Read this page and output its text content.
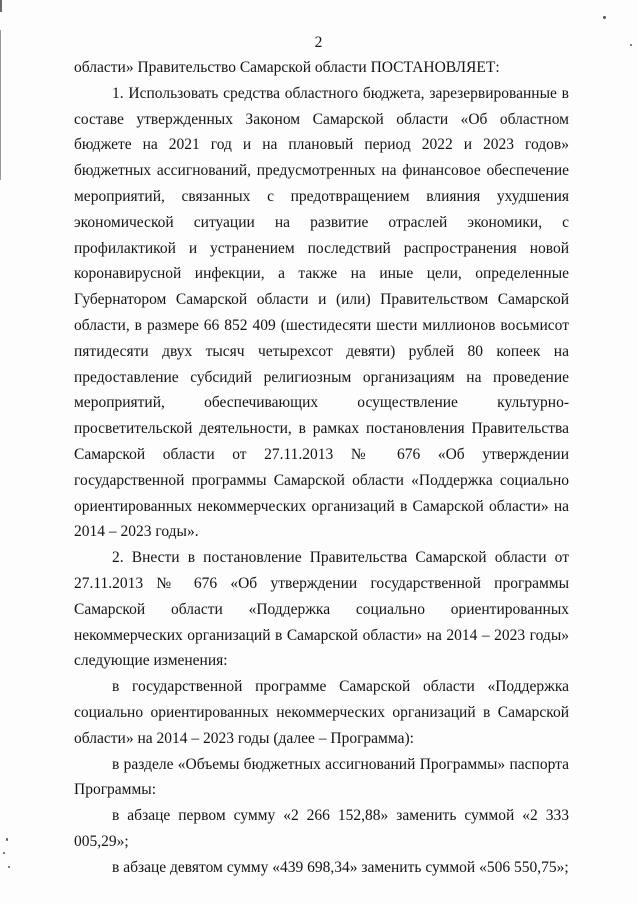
2

области» Правительство Самарской области ПОСТАНОВЛЯЕТ:

1. Использовать средства областного бюджета, зарезервированные в составе утвержденных Законом Самарской области «Об областном бюджете на 2021 год и на плановый период 2022 и 2023 годов» бюджетных ассигнований, предусмотренных на финансовое обеспечение мероприятий, связанных с предотвращением влияния ухудшения экономической ситуации на развитие отраслей экономики, с профилактикой и устранением последствий распространения новой коронавирусной инфекции, а также на иные цели, определенные Губернатором Самарской области и (или) Правительством Самарской области, в размере 66 852 409 (шестидесяти шести миллионов восьмисот пятидесяти двух тысяч четырехсот девяти) рублей 80 копеек на предоставление субсидий религиозным организациям на проведение мероприятий, обеспечивающих осуществление культурно-просветительской деятельности, в рамках постановления Правительства Самарской области от 27.11.2013 № 676 «Об утверждении государственной программы Самарской области «Поддержка социально ориентированных некоммерческих организаций в Самарской области» на 2014 – 2023 годы».

2. Внести в постановление Правительства Самарской области от 27.11.2013 № 676 «Об утверждении государственной программы Самарской области «Поддержка социально ориентированных некоммерческих организаций в Самарской области» на 2014 – 2023 годы» следующие изменения:

в государственной программе Самарской области «Поддержка социально ориентированных некоммерческих организаций в Самарской области» на 2014 – 2023 годы (далее – Программа):

в разделе «Объемы бюджетных ассигнований Программы» паспорта Программы:

в абзаце первом сумму «2 266 152,88» заменить суммой «2 333 005,29»;

в абзаце девятом сумму «439 698,34» заменить суммой «506 550,75»;
